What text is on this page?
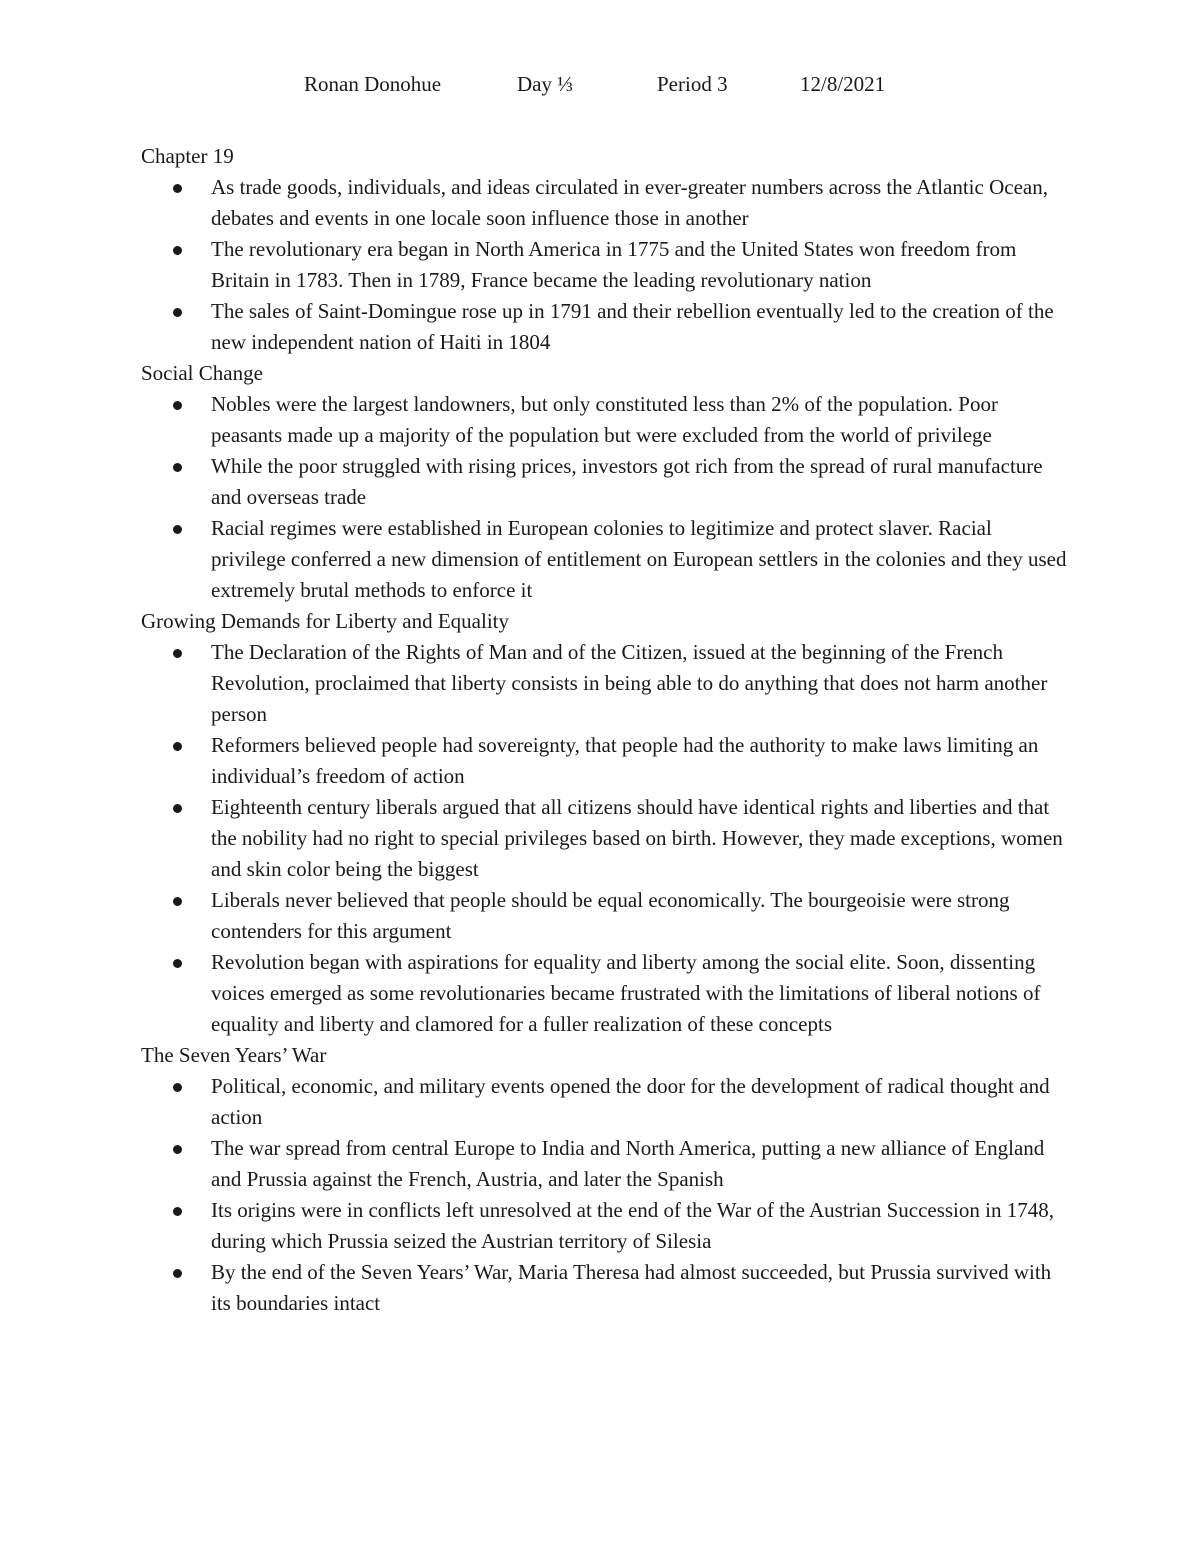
Ronan Donohue	Day ⅓	Period 3	12/8/2021

Chapter 19

As trade goods, individuals, and ideas circulated in ever-greater numbers across the Atlantic Ocean, debates and events in one locale soon influence those in another
The revolutionary era began in North America in 1775 and the United States won freedom from Britain in 1783. Then in 1789, France became the leading revolutionary nation
The sales of Saint-Domingue rose up in 1791 and their rebellion eventually led to the creation of the new independent nation of Haiti in 1804

Social Change

Nobles were the largest landowners, but only constituted less than 2% of the population. Poor peasants made up a majority of the population but were excluded from the world of privilege
While the poor struggled with rising prices, investors got rich from the spread of rural manufacture and overseas trade
Racial regimes were established in European colonies to legitimize and protect slaver. Racial privilege conferred a new dimension of entitlement on European settlers in the colonies and they used extremely brutal methods to enforce it

Growing Demands for Liberty and Equality

The Declaration of the Rights of Man and of the Citizen, issued at the beginning of the French Revolution, proclaimed that liberty consists in being able to do anything that does not harm another person
Reformers believed people had sovereignty, that people had the authority to make laws limiting an individual’s freedom of action
Eighteenth century liberals argued that all citizens should have identical rights and liberties and that the nobility had no right to special privileges based on birth. However, they made exceptions, women and skin color being the biggest
Liberals never believed that people should be equal economically. The bourgeoisie were strong contenders for this argument
Revolution began with aspirations for equality and liberty among the social elite. Soon, dissenting voices emerged as some revolutionaries became frustrated with the limitations of liberal notions of equality and liberty and clamored for a fuller realization of these concepts

The Seven Years’ War

Political, economic, and military events opened the door for the development of radical thought and action
The war spread from central Europe to India and North America, putting a new alliance of England and Prussia against the French, Austria, and later the Spanish
Its origins were in conflicts left unresolved at the end of the War of the Austrian Succession in 1748, during which Prussia seized the Austrian territory of Silesia
By the end of the Seven Years’ War, Maria Theresa had almost succeeded, but Prussia survived with its boundaries intact
